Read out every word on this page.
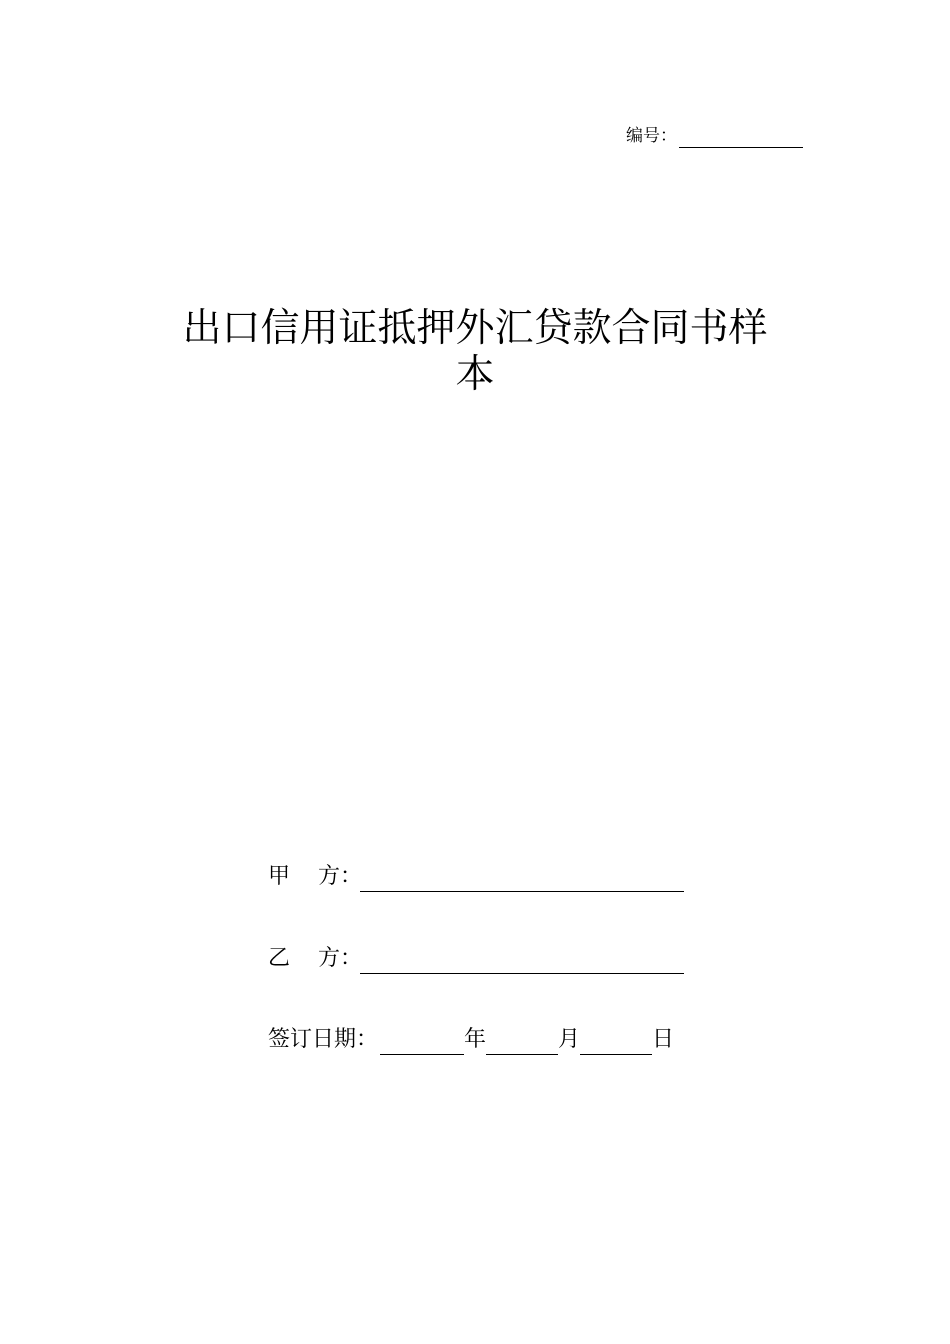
编号：
出口信用证抵押外汇贷款合同书样
本
甲    方：
乙    方：
签订日期：	年	月	日
